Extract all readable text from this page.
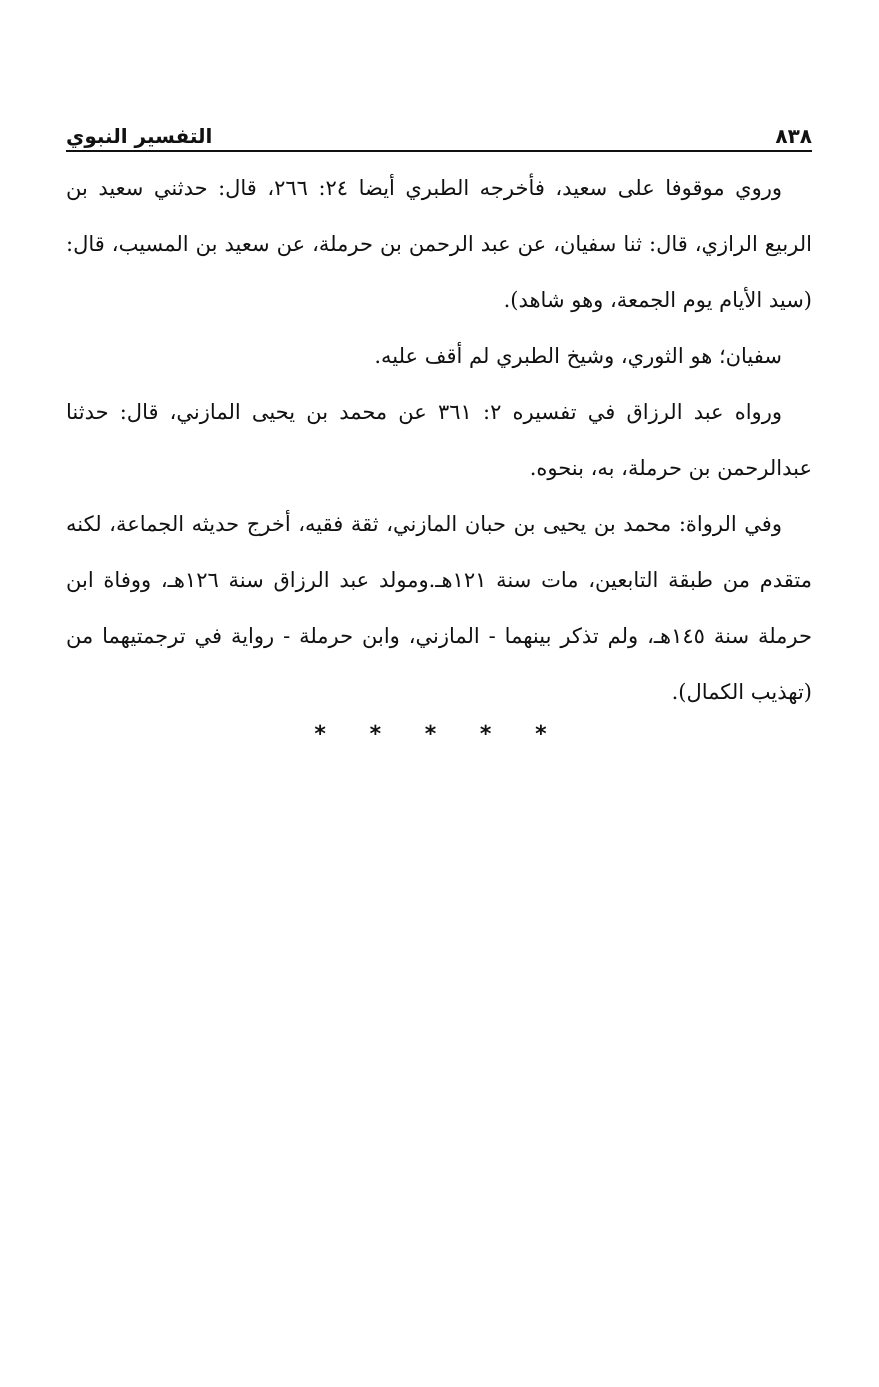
٨٣٨
التفسير النبوي

وروي موقوفا على سعيد، فأخرجه الطبري أيضا ٢٤: ٢٦٦، قال: حدثني سعيد بن الربيع الرازي، قال: ثنا سفيان، عن عبد الرحمن بن حرملة، عن سعيد بن المسيب، قال: (سيد الأيام يوم الجمعة، وهو شاهد).

سفيان؛ هو الثوري، وشيخ الطبري لم أقف عليه.

ورواه عبد الرزاق في تفسيره ٢: ٣٦١ عن محمد بن يحيى المازني، قال: حدثنا عبدالرحمن بن حرملة، به، بنحوه.

وفي الرواة: محمد بن يحيى بن حبان المازني، ثقة فقيه، أخرج حديثه الجماعة، لكنه متقدم من طبقة التابعين، مات سنة ١٢١هـ.ومولد عبد الرزاق سنة ١٢٦هـ، ووفاة ابن حرملة سنة ١٤٥هـ، ولم تذكر بينهما - المازني، وابن حرملة - رواية في ترجمتيهما من (تهذيب الكمال).

* * * * *
